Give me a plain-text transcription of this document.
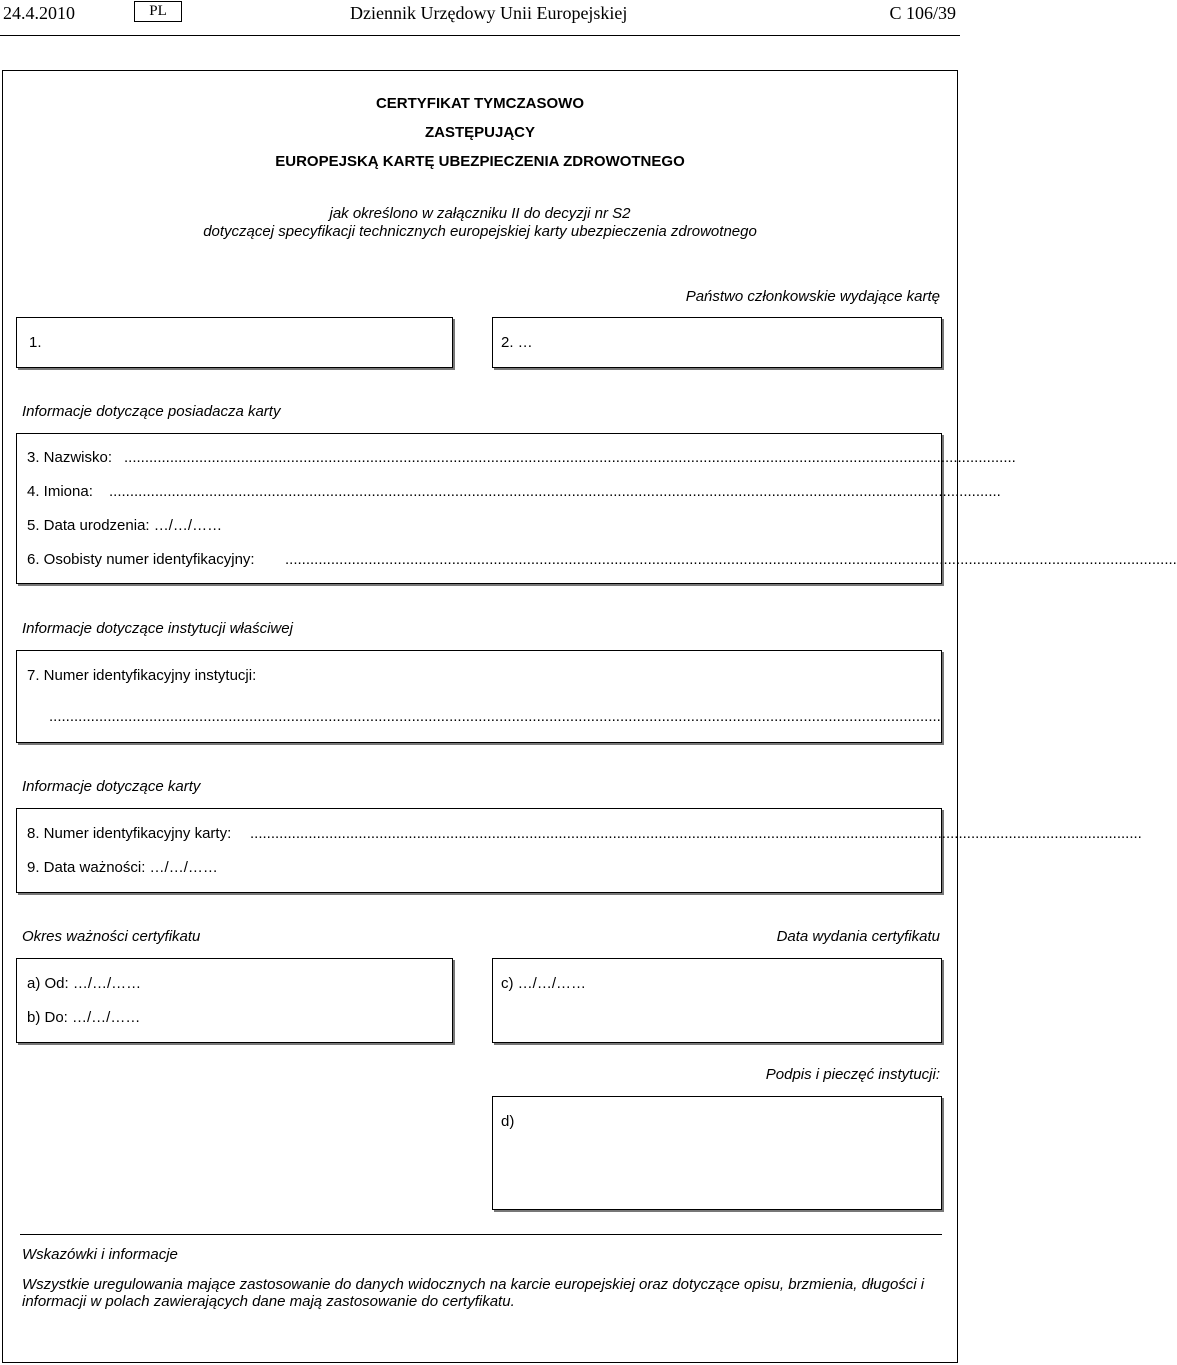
24.4.2010	PL	Dziennik Urzędowy Unii Europejskiej	C 106/39
CERTYFIKAT TYMCZASOWO
ZASTĘPUJĄCY
EUROPEJSKĄ KARTĘ UBEZPIECZENIA ZDROWOTNEGO
jak określono w załączniku II do decyzji nr S2
dotyczącej specyfikacji technicznych europejskiej karty ubezpieczenia zdrowotnego
Państwo członkowskie wydające kartę
1.	2. …
Informacje dotyczące posiadacza karty
3. Nazwisko: ......................................................................................................................................................................................................................
4. Imiona: ......................................................................................................................................................................................................................
5. Data urodzenia: …/…/……
6. Osobisty numer identyfikacyjny: ......................................................................................................................................................................................................................
Informacje dotyczące instytucji właściwej
7. Numer identyfikacyjny instytucji:
......................................................................................................................................................................................................................
Informacje dotyczące karty
8. Numer identyfikacyjny karty: ......................................................................................................................................................................................................................
9. Data ważności: …/…/……
Okres ważności certyfikatu	Data wydania certyfikatu
a) Od: …/…/……
b) Do: …/…/……
c) …/…/……
Podpis i pieczęć instytucji:
d)
Wskazówki i informacje
Wszystkie uregulowania mające zastosowanie do danych widocznych na karcie europejskiej oraz dotyczące opisu, brzmienia, długości i informacji w polach zawierających dane mają zastosowanie do certyfikatu.
